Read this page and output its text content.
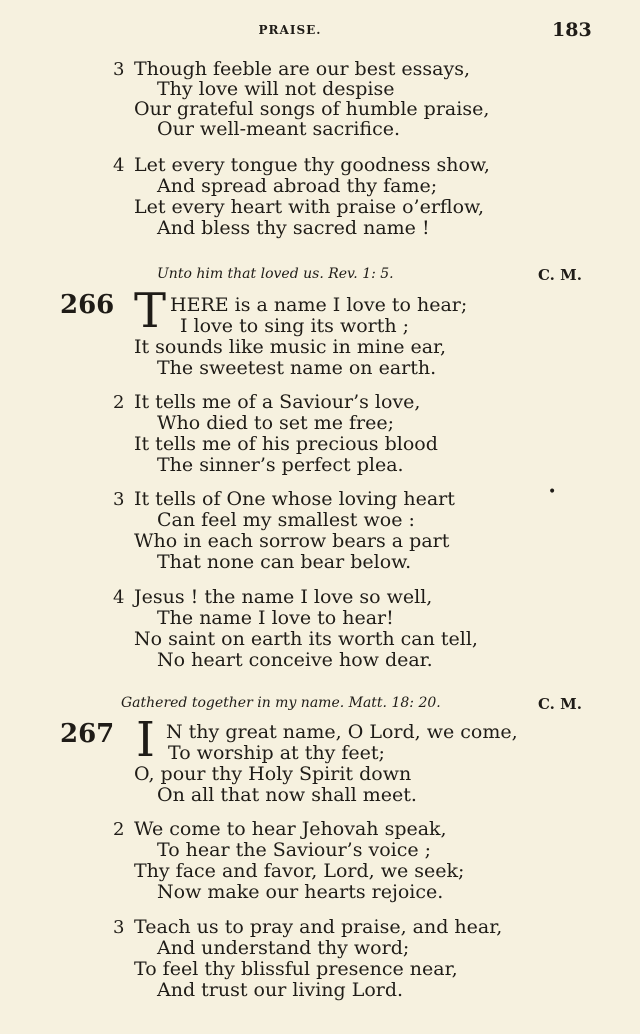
PRAISE.	183
3 Though feeble are our best essays,
Thy love will not despise
Our grateful songs of humble praise,
Our well-meant sacrifice.
4 Let every tongue thy goodness show,
And spread abroad thy fame;
Let every heart with praise o’erflow,
And bless thy sacred name !
Unto him that loved us. Rev. 1: 5.	C. M.
266 T HERE is a name I love to hear;
I love to sing its worth ;
It sounds like music in mine ear,
The sweetest name on earth.
2 It tells me of a Saviour’s love,
Who died to set me free;
It tells me of his precious blood
The sinner’s perfect plea.
3 It tells of One whose loving heart
Can feel my smallest woe :
Who in each sorrow bears a part
That none can bear below.
4 Jesus ! the name I love so well,
The name I love to hear!
No saint on earth its worth can tell,
No heart conceive how dear.
Gathered together in my name. Matt. 18: 20.	C. M.
267 I N thy great name, O Lord, we come,
To worship at thy feet;
O, pour thy Holy Spirit down
On all that now shall meet.
2 We come to hear Jehovah speak,
To hear the Saviour’s voice ;
Thy face and favor, Lord, we seek;
Now make our hearts rejoice.
3 Teach us to pray and praise, and hear,
And understand thy word;
To feel thy blissful presence near,
And trust our living Lord.
•
